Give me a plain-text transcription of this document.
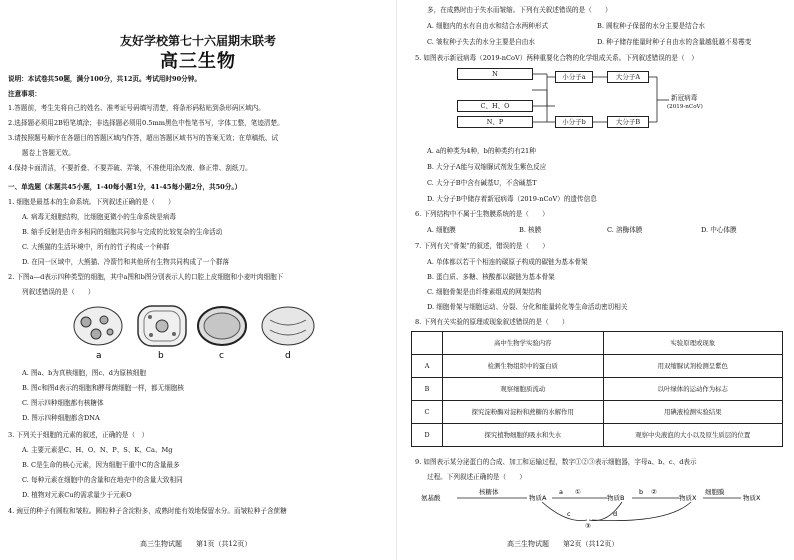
友好学校第七十六届期末联考
高三生物
说明：本试卷共50题，满分100分，共12页。考试用时90分钟。
注意事项：
1.答题前，考生先将自己的姓名、准考证号码填写清楚，将条形码粘贴到条形码区域内。
2.选择题必须用2B铅笔填涂；非选择题必须用0.5mm黑色中性笔书写，字体工整，笔迹清楚。
3.请按照题号顺序在各题目的答题区域内作答，超出答题区域书写的答案无效；在草稿纸、试
题卷上答题无效。
4.保持卡面清洁，不要折叠、不要弄破、弄皱，不准使用涂改液、修正带、刮纸刀。
一、单选题（本题共45小题，1-40每小题1分，41-45每小题2分，共50分。）
1. 细胞是最基本的生命系统。下列叙述正确的是（　　）
A. 病毒无细胞结构，比细胞更微小的生命系统是病毒
B. 缩手反射是由许多相同的细胞共同参与完成的比较复杂的生命活动
C. 大熊猫的生活环境中，所有的竹子构成一个种群
D. 在同一区域中，大熊猫、冷箭竹和其他所有生物共同构成了一个群落
2. 下图a—d表示四种类型的细胞，其中a图和b图分别表示人的口腔上皮细胞和小麦叶肉细胞下
列叙述错误的是（　　）
a	b	c	d
A. 图a、b为真核细胞，图c、d为原核细胞
B. 图c和图d表示的细胞和酵母菌细胞一样，都无细胞核
C. 图示四种细胞都有核糖体
D. 图示四种细胞都含DNA
3. 下列关于细胞的元素的叙述，正确的是（　）
A. 主要元素是C、H、O、N、P、S、K、Ca、Mg
B. C是生命的核心元素，因为细胞干重中C的含量最多
C. 每种元素在细胞中的含量和在地壳中的含量大致相同
D. 植物对元素Cu的需求量少于元素O
4. 豌豆的种子有圆粒和皱粒。圆粒种子含淀粉多，成熟时能有效地保留水分。而皱粒种子含蔗糖
高三生物试题　　第1页（共12页）
多，在成熟时由于失水而皱缩。下列有关叙述错误的是（　　）
A. 细胞内的水有自由水和结合水两种形式	B. 圆粒种子保留的水分主要是结合水
C. 皱粒种子失去的水分主要是自由水	D. 种子储存能量时种子自由水的含量越低越不易霉变
5. 如图表示新冠病毒（2019-nCoV）两种重要化合物的化学组成关系。下列叙述错误的是（　）
N
C、H、O
N、P
小分子a
小分子b
大分子A
大分子B
新冠病毒
(2019-nCoV)
A. a的种类为4种，b的种类约有21种
B. 大分子A能与双缩脲试剂发生紫色反应
C. 大分子B中含有碱基U，不含碱基T
D. 大分子B中储存着新冠病毒（2019-nCoV）的遗传信息
6. 下列结构中不属于生物膜系统的是（　　）
A. 细胞膜	B. 核膜	C. 溶酶体膜	D. 中心体膜
7. 下列有关“骨架”的叙述，错误的是（　　）
A. 单体都以若干个相连的碳原子构成的碳链为基本骨架
B. 蛋白质、多糖、核酸都以碳链为基本骨架
C. 细胞骨架是由纤维素组成的网架结构
D. 细胞骨架与细胞运动、分裂、分化和能量转化等生命活动密切相关
8. 下列有关实验的原理或现象叙述错误的是（　　）
	高中生物学实验内容	实验原理或现象
A	检测生物组织中的蛋白质	用双缩脲试剂检测呈紫色
B	观察细胞质流动	以叶绿体的运动作为标志
C	探究淀粉酶对淀粉和蔗糖的水解作用	用碘液检测实验结果
D	探究植物细胞的吸水和失水	观察中央液泡的大小以及原生质层的位置
9. 如图表示某分泌蛋白的合成、加工和运输过程，数字①②③表示细胞器，字母a、b、c、d表示
过程。下列叙述正确的是（　　）
氨基酸
核糖体
物质A	物质B	物质X
细胞膜
物质X
①	②
③
a	b
c	d
高三生物试题　　第2页（共12页）
